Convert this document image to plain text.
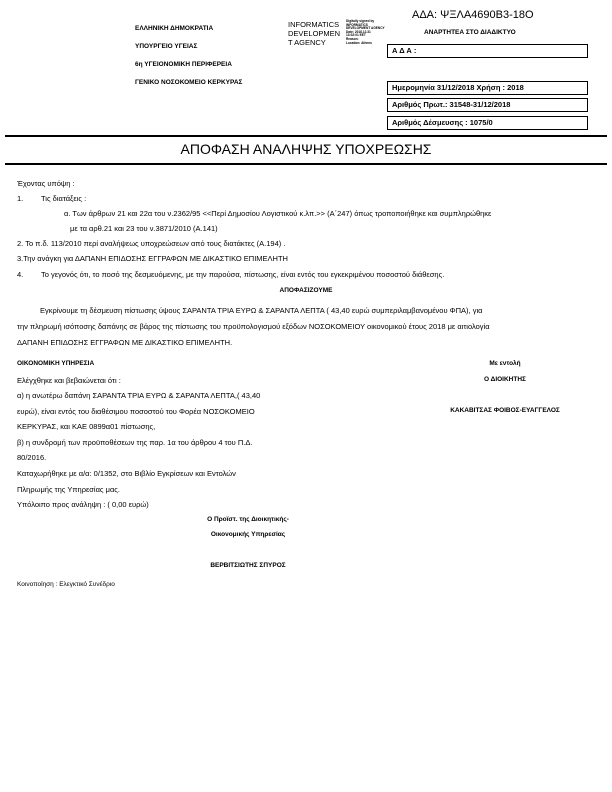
ΑΔΑ: ΨΞΛΑ4690Β3-18Ο
ΕΛΛΗΝΙΚΗ ΔΗΜΟΚΡΑΤΙΑ
ΥΠΟΥΡΓΕΙΟ ΥΓΕΙΑΣ
6η ΥΓΕΙΟΝΟΜΙΚΗ ΠΕΡΙΦΕΡΕΙΑ
ΓΕΝΙΚΟ ΝΟΣΟΚΟΜΕΙΟ ΚΕΡΚΥΡΑΣ
INFORMATICS
DEVELOPMEN
T AGENCY
Digitally signed by
INFORMATICS
DEVELOPMENT AGENCY
Date: 2018.12.31
13:02:01 EET
Reason:
Location: Athens
ΑΝΑΡΤΗΤΕΑ ΣΤΟ ΔΙΑΔΙΚΤΥΟ
Α Δ Α :
Ημερομηνία 31/12/2018 Χρήση : 2018
Αριθμός Πρωτ.: 31548-31/12/2018
Αριθμός Δέσμευσης : 1075/0
ΑΠΟΦΑΣΗ ΑΝΑΛΗΨΗΣ ΥΠΟΧΡΕΩΣΗΣ
Έχοντας υπόψη :
1. Τις διατάξεις :
α. Των άρθρων 21 και 22α του ν.2362/95 <<Περί Δημοσίου Λογιστικού κ.λπ.>> (Α΄247) όπως τροποποιήθηκε και συμπληρώθηκε
με τα αρθ.21 και 23 του ν.3871/2010 (Α.141)
2. Το π.δ. 113/2010 περί αναλήψεως υποχρεώσεων από τους διατάκτες (Α.194) .
3.Την ανάγκη για ΔΑΠΑΝΗ ΕΠΙΔΟΣΗΣ ΕΓΓΡΑΦΩΝ ΜΕ ΔΙΚΑΣΤΙΚΟ ΕΠΙΜΕΛΗΤΗ
4. Το γεγονός ότι, το ποσό της δεσμευόμενης, με την παρούσα, πίστωσης, είναι εντός του εγκεκριμένου ποσοστού διάθεσης.
ΑΠΟΦΑΣΙΖΟΥΜΕ
Εγκρίνουμε τη δέσμευση πίστωσης ύψους ΣΑΡΑΝΤΑ ΤΡΙΑ ΕΥΡΩ & ΣΑΡΑΝΤΑ ΛΕΠΤΑ ( 43,40 ευρώ συμπεριλαμβανομένου ΦΠΑ), για
την πληρωμή ισόποσης δαπάνης σε βάρος της πίστωσης του προϋπολογισμού εξόδων ΝΟΣΟΚΟΜΕΙΟΥ οικονομικού έτους 2018 με αιτιολογία
ΔΑΠΑΝΗ ΕΠΙΔΟΣΗΣ ΕΓΓΡΑΦΩΝ ΜΕ ΔΙΚΑΣΤΙΚΟ ΕΠΙΜΕΛΗΤΗ.
ΟΙΚΟΝΟΜΙΚΗ ΥΠΗΡΕΣΙΑ
Ελέγχθηκε και βεβαιώνεται ότι :
α) η ανωτέρω δαπάνη ΣΑΡΑΝΤΑ ΤΡΙΑ ΕΥΡΩ & ΣΑΡΑΝΤΑ ΛΕΠΤΑ,( 43,40
ευρώ), είναι εντός του διαθέσιμου ποσοστού του Φορέα ΝΟΣΟΚΟΜΕΙΟ
ΚΕΡΚΥΡΑΣ, και ΚΑΕ 0899α01 πίστωσης,
β) η συνδρομή των προϋποθέσεων της παρ. 1α του άρθρου 4 του Π.Δ.
80/2016.
Καταχωρήθηκε με α/α: 0/1352, στο Βιβλίο Εγκρίσεων και Εντολών
Πληρωμής της Υπηρεσίας μας.
Υπόλοιπο προς ανάληψη : ( 0,00 ευρώ)
Ο Προϊστ. της Διοικητικής-
Οικονομικής Υπηρεσίας
ΒΕΡΒΙΤΣΙΩΤΗΣ ΣΠΥΡΟΣ
Με εντολή
Ο ΔΙΟΙΚΗΤΗΣ
ΚΑΚΑΒΙΤΣΑΣ ΦΟΙΒΟΣ-ΕΥΑΓΓΕΛΟΣ
Κοινοποίηση : Ελεγκτικό Συνέδριο
